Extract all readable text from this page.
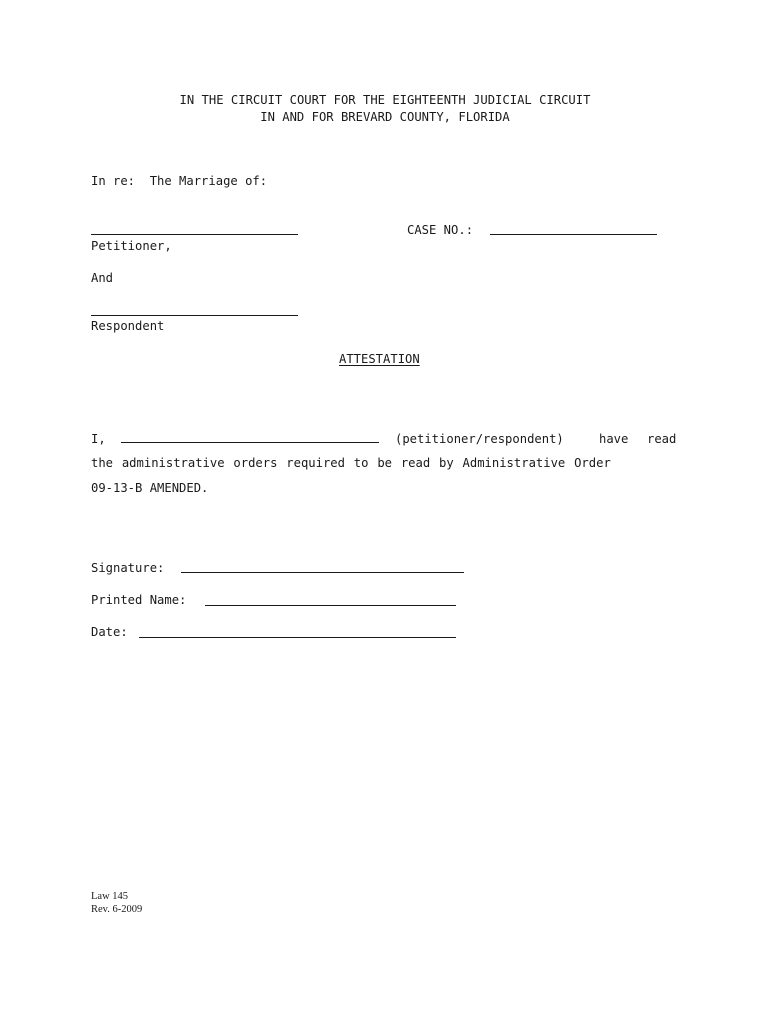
IN THE CIRCUIT COURT FOR THE EIGHTEENTH JUDICIAL CIRCUIT
IN AND FOR BREVARD COUNTY, FLORIDA
In re:  The Marriage of:
Petitioner,
CASE NO.:
And
Respondent
ATTESTATION
I,	(petitioner/respondent)	have read
the administrative orders required to be read by Administrative Order
09-13-B AMENDED.
Signature:
Printed Name:
Date:
Law 145
Rev. 6-2009
